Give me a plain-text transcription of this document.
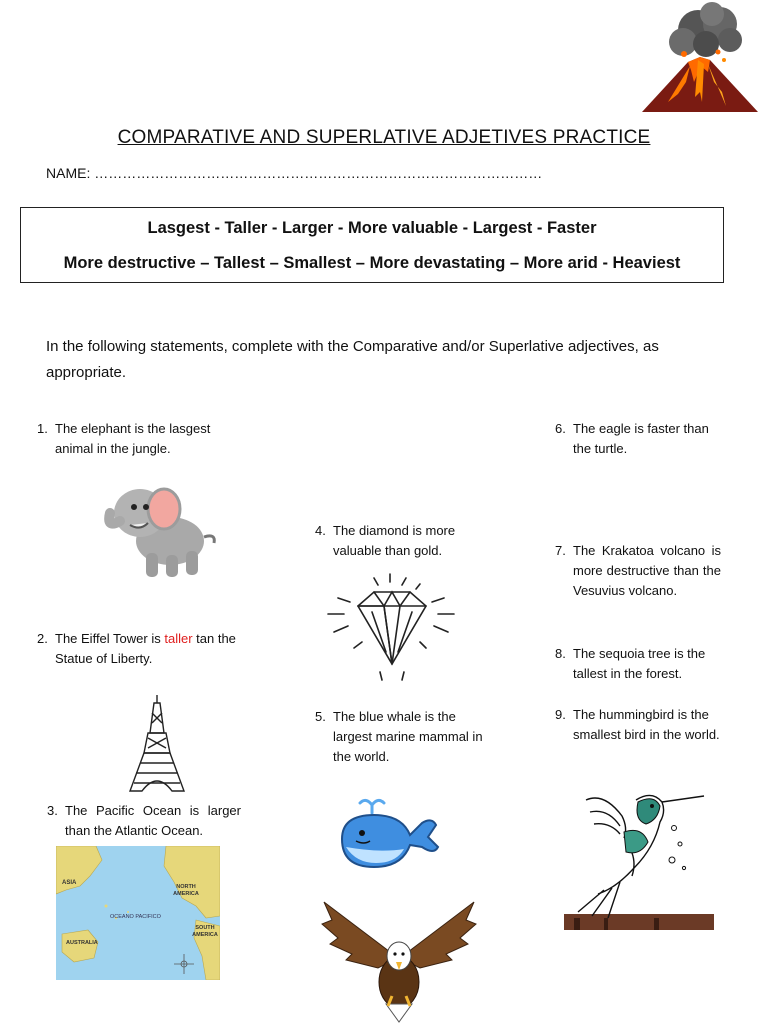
COMPARATIVE AND SUPERLATIVE ADJETIVES PRACTICE
NAME: ……………………………………………………………………………………
Lasgest - Taller - Larger - More valuable - Largest - Faster
More destructive – Tallest – Smallest – More devastating – More arid - Heaviest
In the following statements, complete with the Comparative and/or Superlative adjectives, as appropriate.
1. The elephant is the lasgest animal in the jungle.
2. The Eiffel Tower is taller tan the Statue of Liberty.
3. The Pacific Ocean is larger than the Atlantic Ocean.
ASIA
NORTH AMERICA
OCEANO PACIFICO
SOUTH AMERICA
AUSTRALIA
4. The diamond is more valuable than gold.
5. The blue whale is the largest marine mammal in the world.
6. The eagle is faster than the turtle.
7. The Krakatoa volcano is more destructive than the Vesuvius volcano.
8. The sequoia tree is the tallest in the forest.
9. The hummingbird is the smallest bird in the world.
